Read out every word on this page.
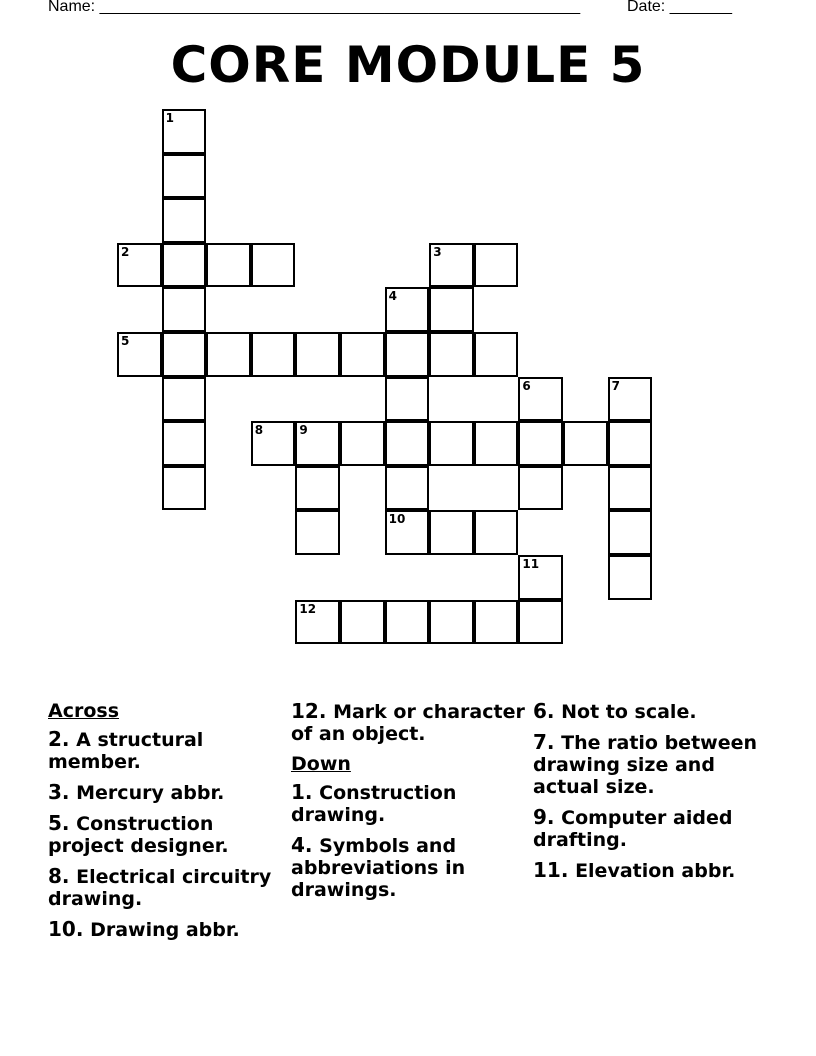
Name: ______________________________________________________	Date: _______
CORE MODULE 5
1
2	3
4
5
6	7
8	9
10
11
12
Across
2. A structural member.
3. Mercury abbr.
5. Construction project designer.
8. Electrical circuitry drawing.
10. Drawing abbr.
12. Mark or character of an object.
Down
1. Construction drawing.
4. Symbols and abbreviations in drawings.
6. Not to scale.
7. The ratio between drawing size and actual size.
9. Computer aided drafting.
11. Elevation abbr.
